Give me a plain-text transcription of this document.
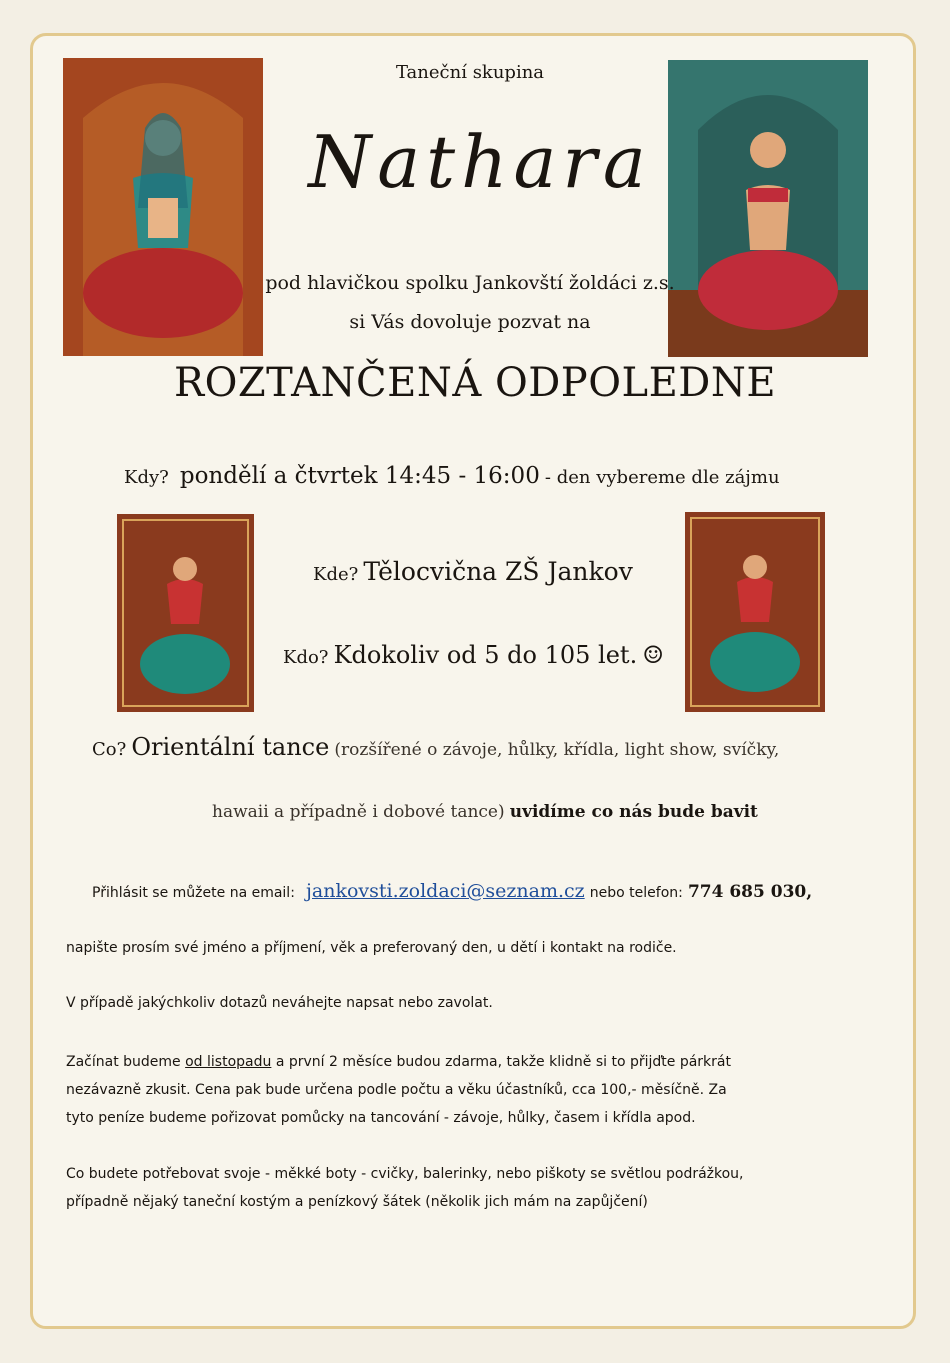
Taneční skupina
Nathara
pod hlavičkou spolku Jankovští žoldáci z.s.
si Vás dovoluje pozvat na
ROZTANČENÁ ODPOLEDNE
Kdy? pondělí a čtvrtek 14:45 - 16:00 - den vybereme dle zájmu
Kde? Tělocvična ZŠ Jankov
Kdo? Kdokoliv od 5 do 105 let. ☺
Co? Orientální tance (rozšířené o závoje, hůlky, křídla, light show, svíčky,
hawaii a případně i dobové tance) uvidíme co nás bude bavit
Přihlásit se můžete na email: jankovsti.zoldaci@seznam.cz nebo telefon: 774 685 030,
napište prosím své jméno a příjmení, věk a preferovaný den, u dětí i kontakt na rodiče.
V případě jakýchkoliv dotazů neváhejte napsat nebo zavolat.
Začínat budeme od listopadu a první 2 měsíce budou zdarma, takže klidně si to přijďte párkrát
nezávazně zkusit. Cena pak bude určena podle počtu a věku účastníků, cca 100,- měsíčně. Za
tyto peníze budeme pořizovat pomůcky na tancování - závoje, hůlky, časem i křídla apod.
Co budete potřebovat svoje - měkké boty - cvičky, balerinky, nebo piškoty se světlou podrážkou,
případně nějaký taneční kostým a penízkový šátek (několik jich mám na zapůjčení)
